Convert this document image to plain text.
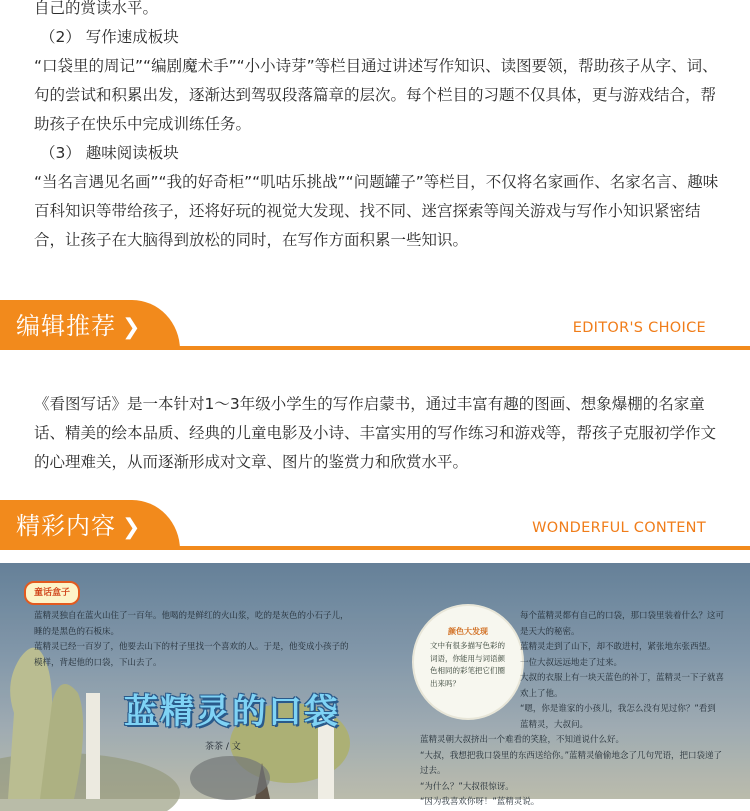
自己的赏读水平。

（2） 写作速成板块

“口袋里的周记”“编剧魔术手”“小小诗芽”等栏目通过讲述写作知识、读图要领，帮助孩子从字、词、句的尝试和积累出发，逐渐达到驾驭段落篇章的层次。每个栏目的习题不仅具体，更与游戏结合，帮助孩子在快乐中完成训练任务。

（3） 趣味阅读板块

“当名言遇见名画”“我的好奇柜”“叽咕乐挑战”“问题罐子”等栏目，不仅将名家画作、名家名言、趣味百科知识等带给孩子，还将好玩的视觉大发现、找不同、迷宫探索等闯关游戏与写作小知识紧密结合，让孩子在大脑得到放松的同时，在写作方面积累一些知识。

编辑推荐 ❯	EDITOR'S CHOICE

《看图写话》是一本针对1～3年级小学生的写作启蒙书，通过丰富有趣的图画、想象爆棚的名家童话、精美的绘本品质、经典的儿童电影及小诗、丰富实用的写作练习和游戏等，帮孩子克服初学作文的心理难关，从而逐渐形成对文章、图片的鉴赏力和欣赏水平。

精彩内容 ❯	WONDERFUL CONTENT
童话盒子

蓝精灵独自在蓝火山住了一百年。他喝的是鲜红的火山浆，吃的是灰色的小石子儿，

睡的是黑色的石板床。

蓝精灵已经一百岁了，他要去山下的村子里找一个喜欢的人。于是，他变成小孩子的

模样，背起他的口袋，下山去了。

颜色大发现
文中有很多描写色彩的词语，你能用与词语颜色相同的彩笔把它们圈出来吗？

每个蓝精灵都有自己的口袋，那口袋里装着什么？这可

是天大的秘密。

蓝精灵走到了山下，却不敢进村，紧张地东张西望。

一位大叔远远地走了过来。

大叔的衣服上有一块天蓝色的补丁，蓝精灵一下子就喜

欢上了他。

“嗯，你是谁家的小孩儿，我怎么没有见过你？”看到

蓝精灵，大叔问。

蓝精灵朝大叔挤出一个难看的笑脸，不知道说什么好。

“大叔，我想把我口袋里的东西送给你。”蓝精灵偷偷地念了几句咒语，把口袋递了

过去。

“为什么？”大叔很惊讶。

“因为我喜欢你呀！”蓝精灵说。

蓝精灵的口袋
茶茶 / 文
